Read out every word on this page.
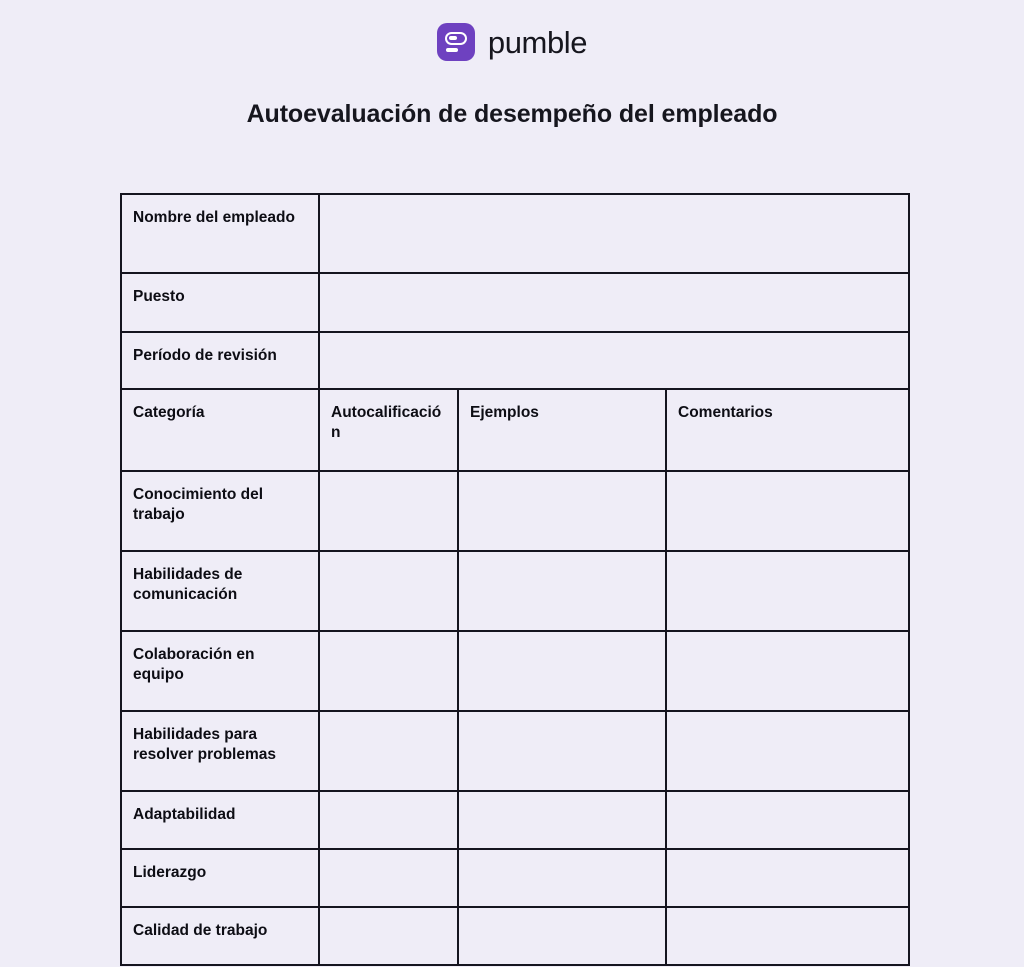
pumble
Autoevaluación de desempeño del empleado
Nombre del empleado			
Puesto			
Período de revisión			
Categoría	Autocalificación	Ejemplos	Comentarios
Conocimiento del trabajo			
Habilidades de comunicación			
Colaboración en equipo			
Habilidades para resolver problemas			
Adaptabilidad			
Liderazgo			
Calidad de trabajo			
